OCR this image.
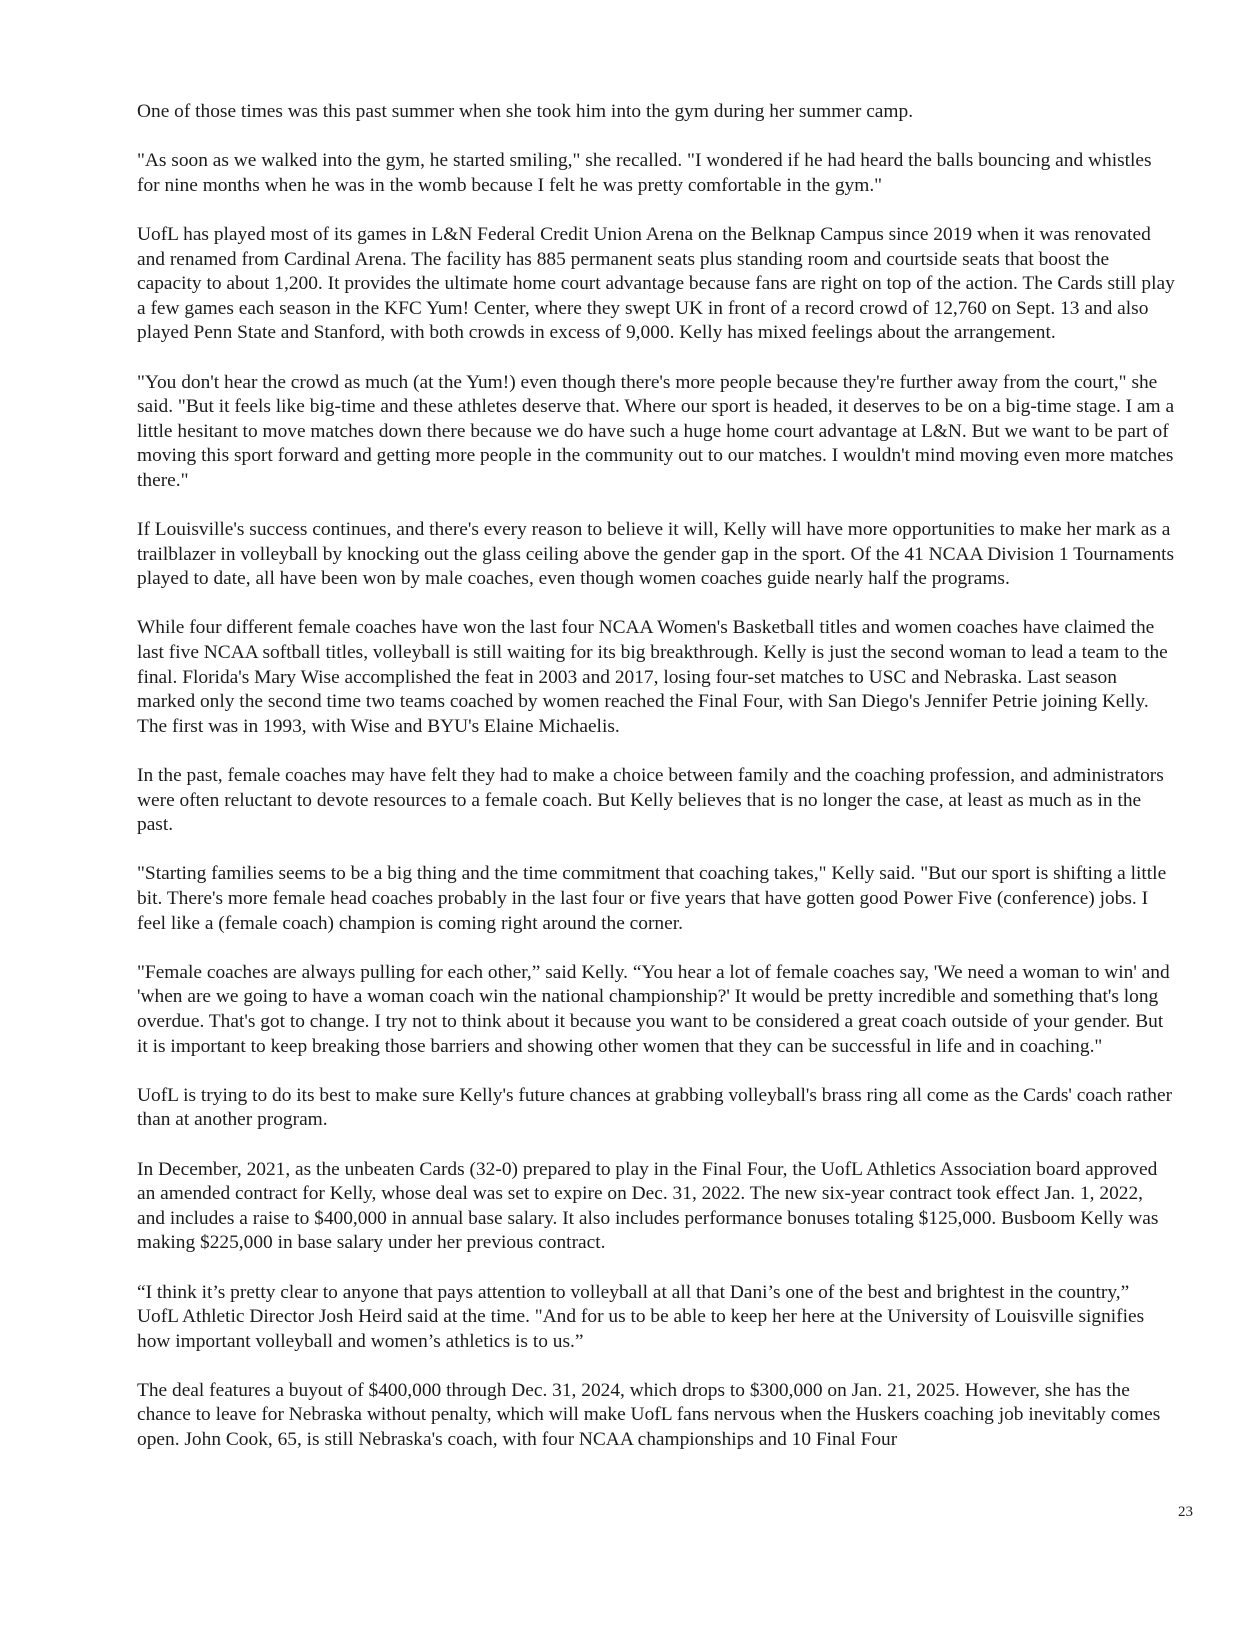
One of those times was this past summer when she took him into the gym during her summer camp.

"As soon as we walked into the gym, he started smiling," she recalled. "I wondered if he had heard the balls bouncing and whistles for nine months when he was in the womb because I felt he was pretty comfortable in the gym."

UofL has played most of its games in L&N Federal Credit Union Arena on the Belknap Campus since 2019 when it was renovated and renamed from Cardinal Arena. The facility has 885 permanent seats plus standing room and courtside seats that boost the capacity to about 1,200. It provides the ultimate home court advantage because fans are right on top of the action. The Cards still play a few games each season in the KFC Yum! Center, where they swept UK in front of a record crowd of 12,760 on Sept. 13 and also played Penn State and Stanford, with both crowds in excess of 9,000. Kelly has mixed feelings about the arrangement.

"You don't hear the crowd as much (at the Yum!) even though there's more people because they're further away from the court," she said. "But it feels like big-time and these athletes deserve that. Where our sport is headed, it deserves to be on a big-time stage. I am a little hesitant to move matches down there because we do have such a huge home court advantage at L&N. But we want to be part of moving this sport forward and getting more people in the community out to our matches. I wouldn't mind moving even more matches there."

If Louisville's success continues, and there's every reason to believe it will, Kelly will have more opportunities to make her mark as a trailblazer in volleyball by knocking out the glass ceiling above the gender gap in the sport. Of the 41 NCAA Division 1 Tournaments played to date, all have been won by male coaches, even though women coaches guide nearly half the programs.

While four different female coaches have won the last four NCAA Women's Basketball titles and women coaches have claimed the last five NCAA softball titles, volleyball is still waiting for its big breakthrough. Kelly is just the second woman to lead a team to the final. Florida's Mary Wise accomplished the feat in 2003 and 2017, losing four-set matches to USC and Nebraska. Last season marked only the second time two teams coached by women reached the Final Four, with San Diego's Jennifer Petrie joining Kelly. The first was in 1993, with Wise and BYU's Elaine Michaelis.

In the past, female coaches may have felt they had to make a choice between family and the coaching profession, and administrators were often reluctant to devote resources to a female coach. But Kelly believes that is no longer the case, at least as much as in the past.

"Starting families seems to be a big thing and the time commitment that coaching takes," Kelly said. "But our sport is shifting a little bit. There's more female head coaches probably in the last four or five years that have gotten good Power Five (conference) jobs. I feel like a (female coach) champion is coming right around the corner.

"Female coaches are always pulling for each other,” said Kelly. “You hear a lot of female coaches say, 'We need a woman to win' and 'when are we going to have a woman coach win the national championship?' It would be pretty incredible and something that's long overdue. That's got to change. I try not to think about it because you want to be considered a great coach outside of your gender. But it is important to keep breaking those barriers and showing other women that they can be successful in life and in coaching."

UofL is trying to do its best to make sure Kelly's future chances at grabbing volleyball's brass ring all come as the Cards' coach rather than at another program.

In December, 2021, as the unbeaten Cards (32-0) prepared to play in the Final Four, the UofL Athletics Association board approved an amended contract for Kelly, whose deal was set to expire on Dec. 31, 2022. The new six-year contract took effect Jan. 1, 2022, and includes a raise to $400,000 in annual base salary. It also includes performance bonuses totaling $125,000. Busboom Kelly was making $225,000 in base salary under her previous contract.

“I think it’s pretty clear to anyone that pays attention to volleyball at all that Dani’s one of the best and brightest in the country,” UofL Athletic Director Josh Heird said at the time. "And for us to be able to keep her here at the University of Louisville signifies how important volleyball and women’s athletics is to us.”

The deal features a buyout of $400,000 through Dec. 31, 2024, which drops to $300,000 on Jan. 21, 2025. However, she has the chance to leave for Nebraska without penalty, which will make UofL fans nervous when the Huskers coaching job inevitably comes open. John Cook, 65, is still Nebraska's coach, with four NCAA championships and 10 Final Four

23
